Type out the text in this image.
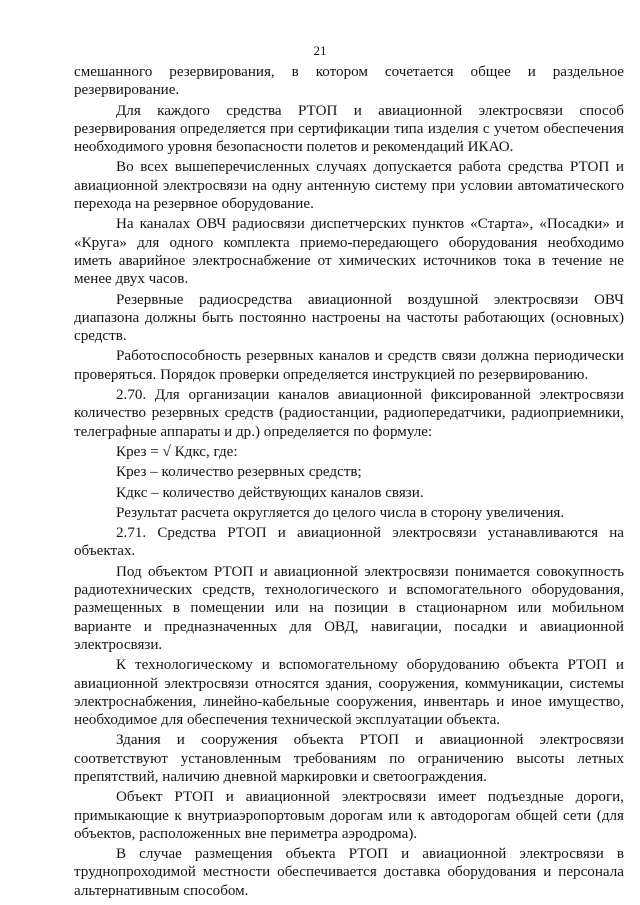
21

смешанного резервирования, в котором сочетается общее и раздельное резервирование.

Для каждого средства РТОП и авиационной электросвязи способ резервирования определяется при сертификации типа изделия с учетом обеспечения необходимого уровня безопасности полетов и рекомендаций ИКАО.

Во всех вышеперечисленных случаях допускается работа средства РТОП и авиационной электросвязи на одну антенную систему при условии автоматического перехода на резервное оборудование.

На каналах ОВЧ радиосвязи диспетчерских пунктов «Старта», «Посадки» и «Круга» для одного комплекта приемо-передающего оборудования необходимо иметь аварийное электроснабжение от химических источников тока в течение не менее двух часов.

Резервные радиосредства авиационной воздушной электросвязи ОВЧ диапазона должны быть постоянно настроены на частоты работающих (основных) средств.

Работоспособность резервных каналов и средств связи должна периодически проверяться. Порядок проверки определяется инструкцией по резервированию.

2.70. Для организации каналов авиационной фиксированной электросвязи количество резервных средств (радиостанции, радиопередатчики, радиоприемники, телеграфные аппараты и др.) определяется по формуле:

Крез = √ Кдкс, где:

Крез – количество резервных средств;

Кдкс – количество действующих каналов связи.

Результат расчета округляется до целого числа в сторону увеличения.

2.71. Средства РТОП и авиационной электросвязи устанавливаются на объектах.

Под объектом РТОП и авиационной электросвязи понимается совокупность радиотехнических средств, технологического и вспомогательного оборудования, размещенных в помещении или на позиции в стационарном или мобильном варианте и предназначенных для ОВД, навигации, посадки и авиационной электросвязи.

К технологическому и вспомогательному оборудованию объекта РТОП и авиационной электросвязи относятся здания, сооружения, коммуникации, системы электроснабжения, линейно-кабельные сооружения, инвентарь и иное имущество, необходимое для обеспечения технической эксплуатации объекта.

Здания и сооружения объекта РТОП и авиационной электросвязи соответствуют установленным требованиям по ограничению высоты летных препятствий, наличию дневной маркировки и светоограждения.

Объект РТОП и авиационной электросвязи имеет подъездные дороги, примыкающие к внутриаэропортовым дорогам или к автодорогам общей сети (для объектов, расположенных вне периметра аэродрома).

В случае размещения объекта РТОП и авиационной электросвязи в труднопроходимой местности обеспечивается доставка оборудования и персонала альтернативным способом.
